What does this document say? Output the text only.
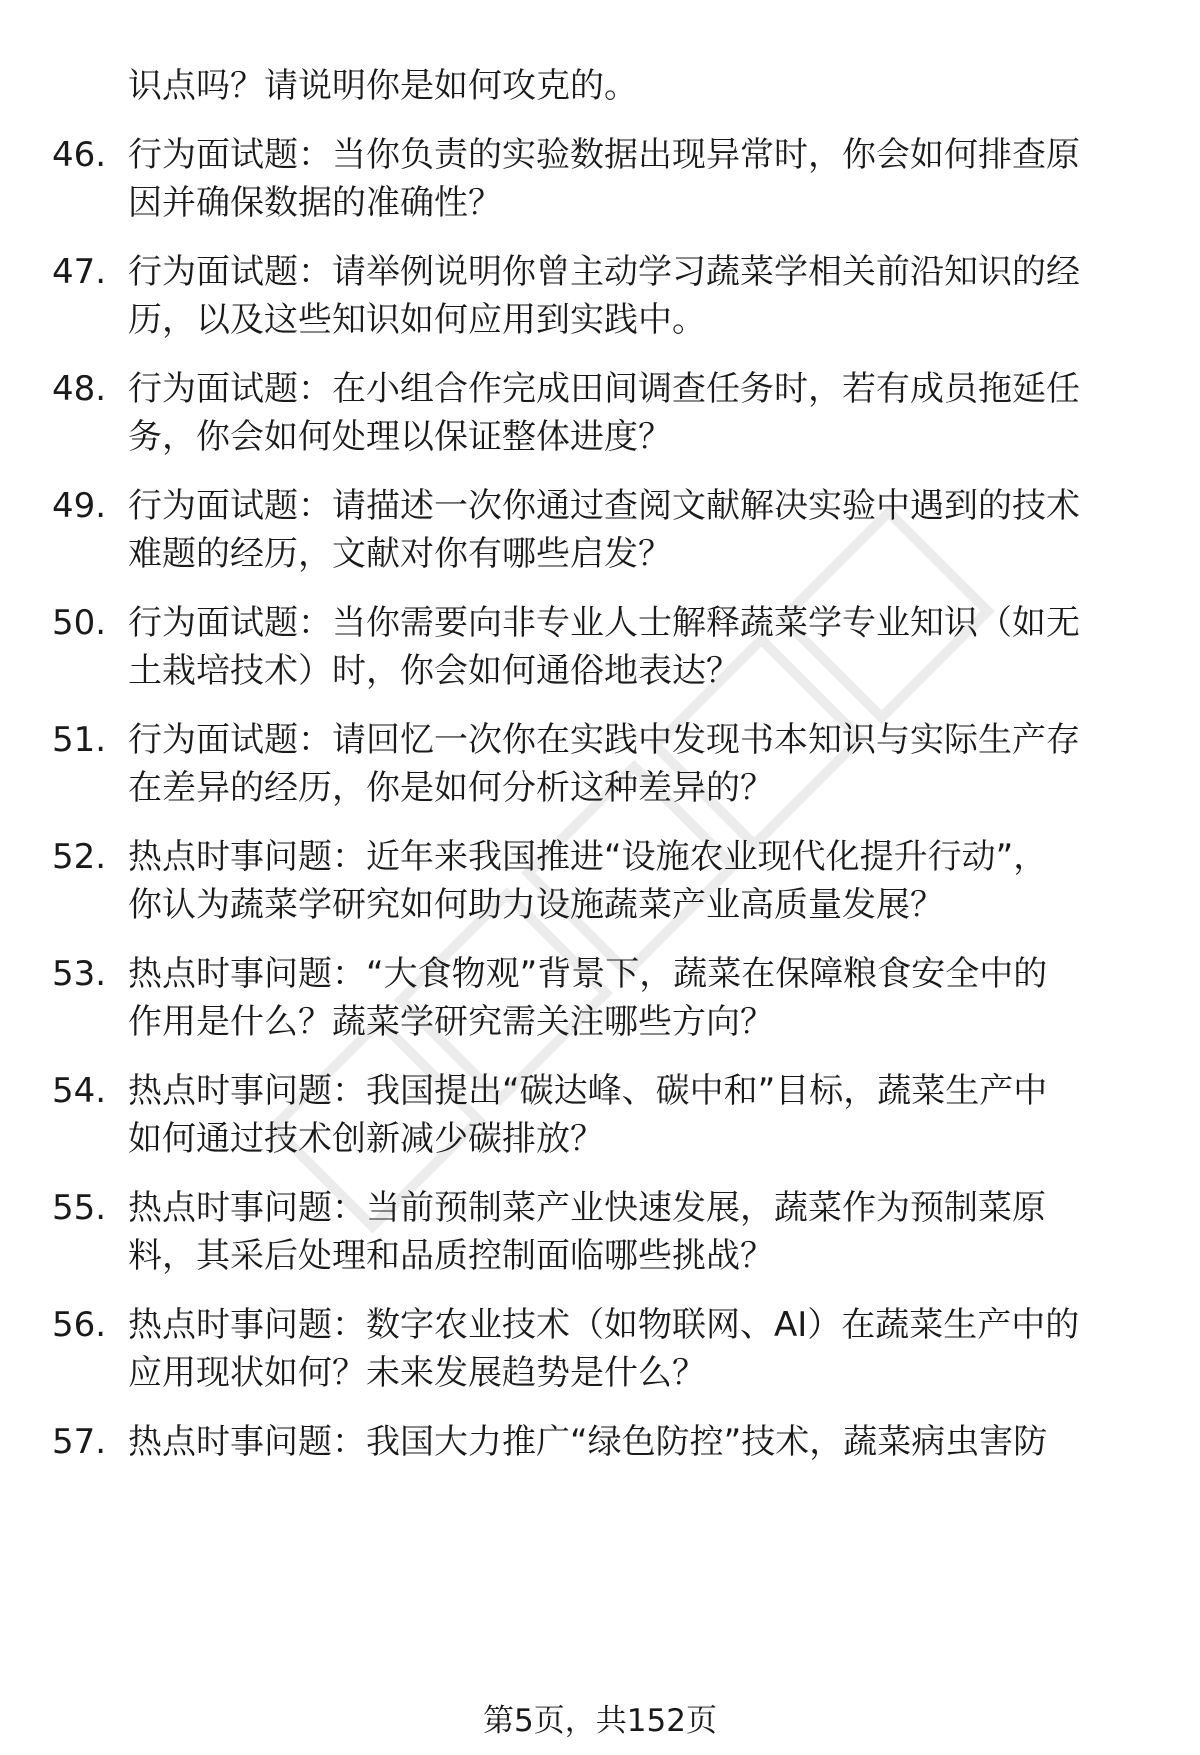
识点吗？请说明你是如何攻克的。
46. 行为面试题：当你负责的实验数据出现异常时，你会如何排查原
因并确保数据的准确性？
47. 行为面试题：请举例说明你曾主动学习蔬菜学相关前沿知识的经
历，以及这些知识如何应用到实践中。
48. 行为面试题：在小组合作完成田间调查任务时，若有成员拖延任
务，你会如何处理以保证整体进度？
49. 行为面试题：请描述一次你通过查阅文献解决实验中遇到的技术
难题的经历，文献对你有哪些启发？
50. 行为面试题：当你需要向非专业人士解释蔬菜学专业知识（如无
土栽培技术）时，你会如何通俗地表达？
51. 行为面试题：请回忆一次你在实践中发现书本知识与实际生产存
在差异的经历，你是如何分析这种差异的？
52. 热点时事问题：近年来我国推进“设施农业现代化提升行动”，
你认为蔬菜学研究如何助力设施蔬菜产业高质量发展？
53. 热点时事问题：“大食物观”背景下，蔬菜在保障粮食安全中的
作用是什么？蔬菜学研究需关注哪些方向？
54. 热点时事问题：我国提出“碳达峰、碳中和”目标，蔬菜生产中
如何通过技术创新减少碳排放？
55. 热点时事问题：当前预制菜产业快速发展，蔬菜作为预制菜原
料，其采后处理和品质控制面临哪些挑战？
56. 热点时事问题：数字农业技术（如物联网、AI）在蔬菜生产中的
应用现状如何？未来发展趋势是什么？
57. 热点时事问题：我国大力推广“绿色防控”技术，蔬菜病虫害防
第5页，共152页
